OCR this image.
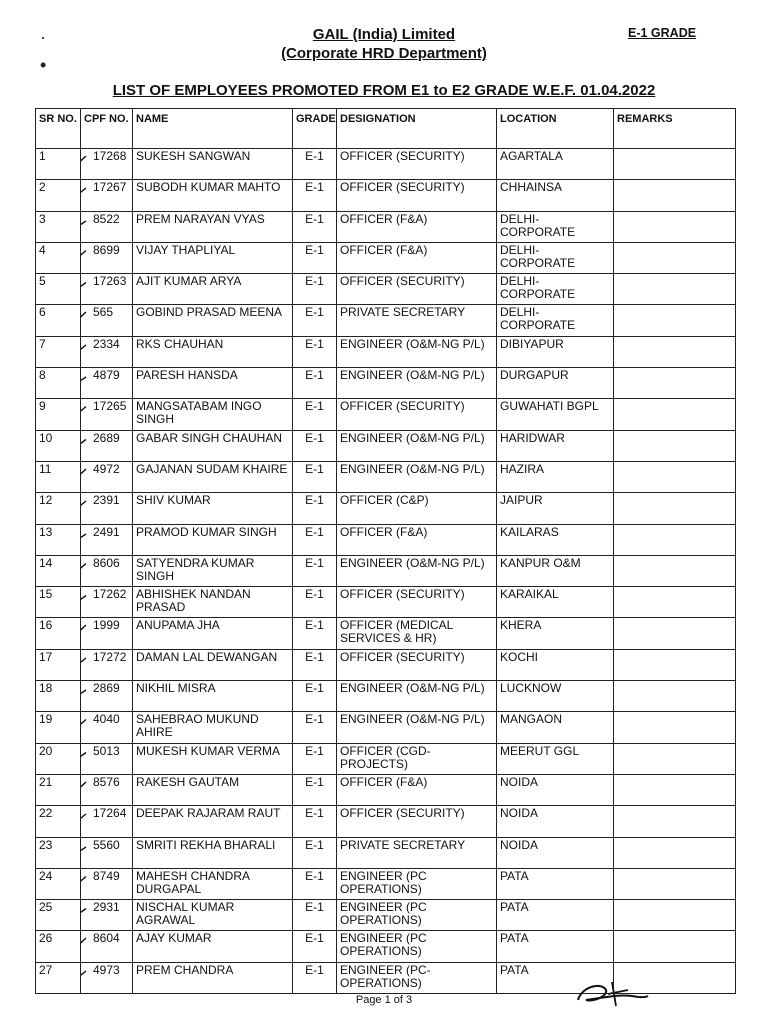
·
•
GAIL (India) Limited
(Corporate HRD Department)
E-1 GRADE
LIST OF EMPLOYEES PROMOTED FROM E1 to E2 GRADE W.E.F. 01.04.2022
SR NO.	CPF NO.	NAME	GRADE	DESIGNATION	LOCATION	REMARKS
1	17268	SUKESH SANGWAN	E-1	OFFICER (SECURITY)	AGARTALA	
2	17267	SUBODH KUMAR MAHTO	E-1	OFFICER (SECURITY)	CHHAINSA	
3	8522	PREM NARAYAN VYAS	E-1	OFFICER (F&A)	DELHI-CORPORATE	
4	8699	VIJAY THAPLIYAL	E-1	OFFICER (F&A)	DELHI-CORPORATE	
5	17263	AJIT KUMAR ARYA	E-1	OFFICER (SECURITY)	DELHI-CORPORATE	
6	565	GOBIND PRASAD MEENA	E-1	PRIVATE SECRETARY	DELHI-CORPORATE	
7	2334	RKS CHAUHAN	E-1	ENGINEER (O&M-NG P/L)	DIBIYAPUR	
8	4879	PARESH HANSDA	E-1	ENGINEER (O&M-NG P/L)	DURGAPUR	
9	17265	MANGSATABAM INGO SINGH	E-1	OFFICER (SECURITY)	GUWAHATI BGPL	
10	2689	GABAR SINGH CHAUHAN	E-1	ENGINEER (O&M-NG P/L)	HARIDWAR	
11	4972	GAJANAN SUDAM KHAIRE	E-1	ENGINEER (O&M-NG P/L)	HAZIRA	
12	2391	SHIV KUMAR	E-1	OFFICER (C&P)	JAIPUR	
13	2491	PRAMOD KUMAR SINGH	E-1	OFFICER (F&A)	KAILARAS	
14	8606	SATYENDRA KUMAR SINGH	E-1	ENGINEER (O&M-NG P/L)	KANPUR O&M	
15	17262	ABHISHEK NANDAN PRASAD	E-1	OFFICER (SECURITY)	KARAIKAL	
16	1999	ANUPAMA JHA	E-1	OFFICER (MEDICAL SERVICES & HR)	KHERA	
17	17272	DAMAN LAL DEWANGAN	E-1	OFFICER (SECURITY)	KOCHI	
18	2869	NIKHIL MISRA	E-1	ENGINEER (O&M-NG P/L)	LUCKNOW	
19	4040	SAHEBRAO MUKUND AHIRE	E-1	ENGINEER (O&M-NG P/L)	MANGAON	
20	5013	MUKESH KUMAR VERMA	E-1	OFFICER (CGD-PROJECTS)	MEERUT GGL	
21	8576	RAKESH GAUTAM	E-1	OFFICER (F&A)	NOIDA	
22	17264	DEEPAK RAJARAM RAUT	E-1	OFFICER (SECURITY)	NOIDA	
23	5560	SMRITI REKHA BHARALI	E-1	PRIVATE SECRETARY	NOIDA	
24	8749	MAHESH CHANDRA DURGAPAL	E-1	ENGINEER (PC OPERATIONS)	PATA	
25	2931	NISCHAL KUMAR AGRAWAL	E-1	ENGINEER (PC OPERATIONS)	PATA	
26	8604	AJAY KUMAR	E-1	ENGINEER (PC OPERATIONS)	PATA	
27	4973	PREM CHANDRA	E-1	ENGINEER (PC-OPERATIONS)	PATA	
Page 1 of 3
